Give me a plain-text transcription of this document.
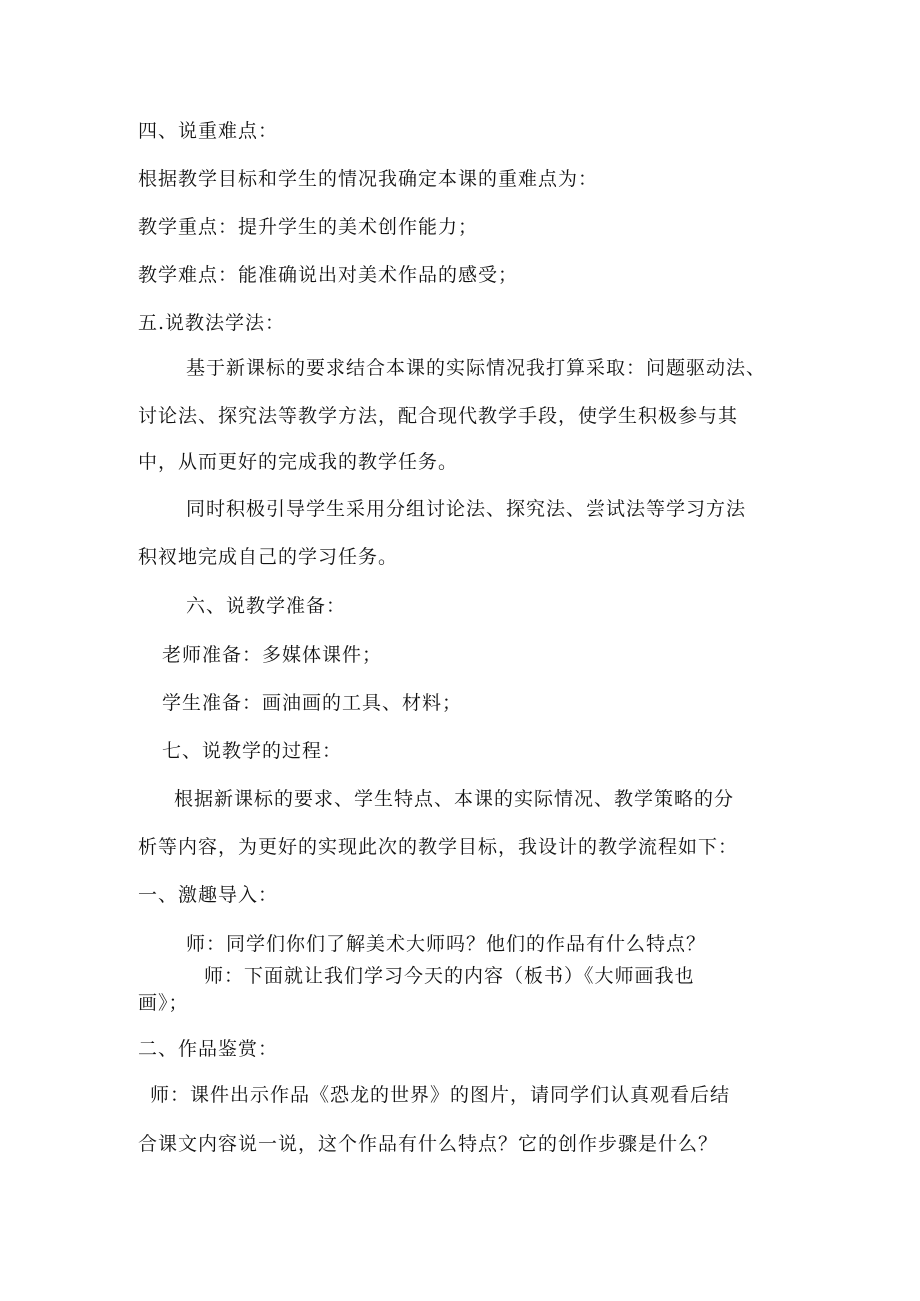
四、说重难点：
根据教学目标和学生的情况我确定本课的重难点为：
教学重点：提升学生的美术创作能力；
教学难点：能准确说出对美术作品的感受；
五.说教法学法：
基于新课标的要求结合本课的实际情况我打算采取：问题驱动法、
讨论法、探究法等教学方法，配合现代教学手段，使学生积极参与其
中，从而更好的完成我的教学任务。
同时积极引导学生采用分组讨论法、探究法、尝试法等学习方法
积衩地完成自己的学习任务。
六、说教学准备：
老师准备：多媒体课件；
学生准备：画油画的工具、材料；
七、说教学的过程：
根据新课标的要求、学生特点、本课的实际情况、教学策略的分
析等内容，为更好的实现此次的教学目标，我设计的教学流程如下：
一、激趣导入：
师：同学们你们了解美术大师吗？他们的作品有什么特点？
师：下面就让我们学习今天的内容（板书）《大师画我也
画》；
二、作品鉴赏：
师：课件出示作品《恐龙的世界》的图片，请同学们认真观看后结
合课文内容说一说，这个作品有什么特点？它的创作步骤是什么？
